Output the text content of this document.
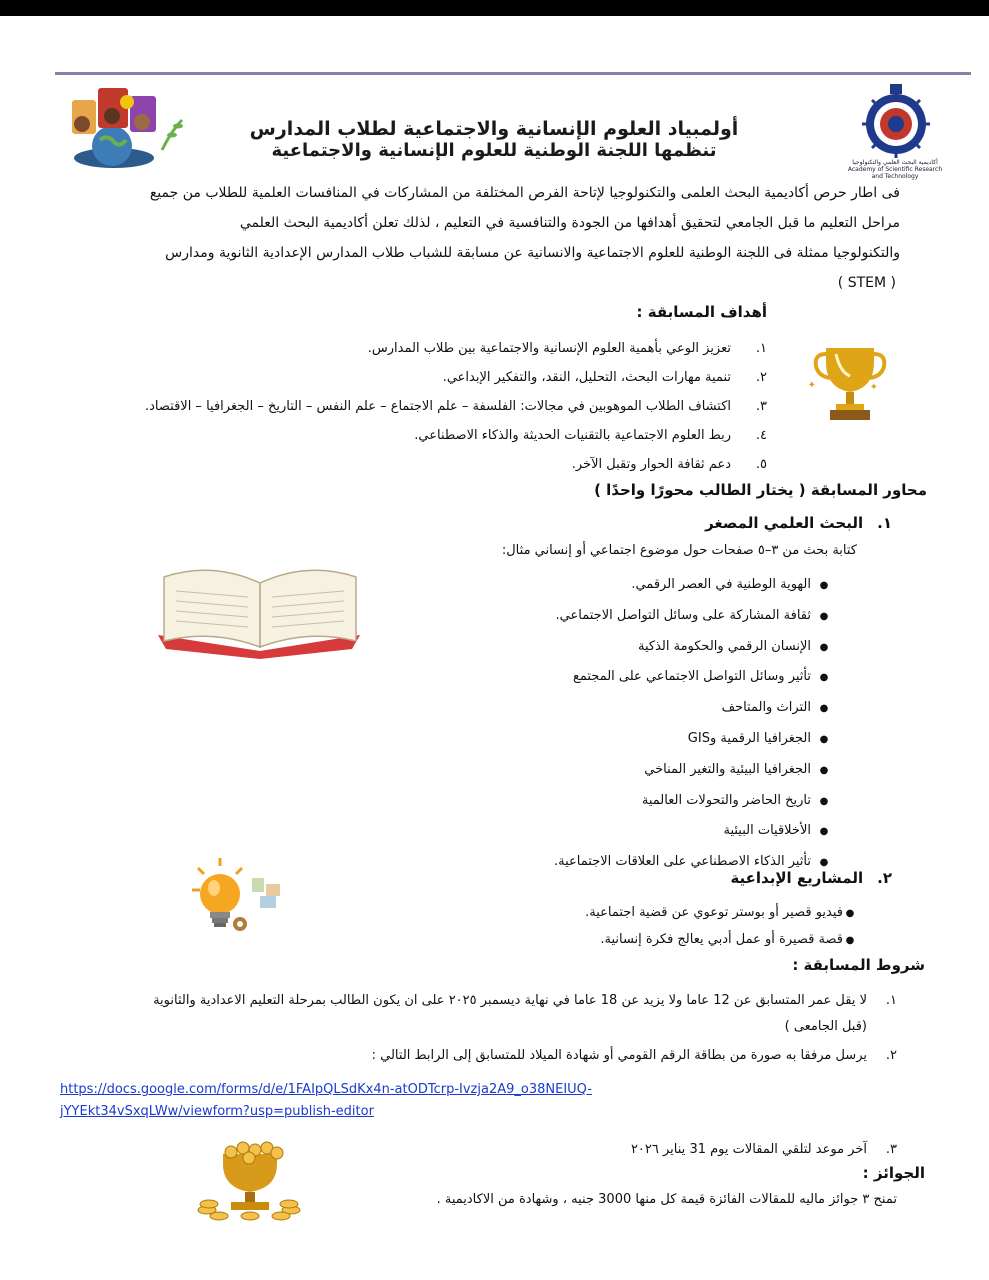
أولمبياد العلوم الإنسانية والاجتماعية لطلاب المدارس
تنظمها اللجنة الوطنية للعلوم الإنسانية والاجتماعية
أكاديمية البحث العلمي والتكنولوجيا
Academy of Scientific Research and Technology
فى اطار حرص أكاديمية البحث العلمى والتكنولوجيا لإتاحة الفرص المختلفة من المشاركات في المنافسات العلمية للطلاب من جميع
مراحل التعليم ما قبل الجامعي لتحقيق أهدافها من الجودة والتنافسية في التعليم ، لذلك تعلن أكاديمية البحث العلمي
والتكنولوجيا ممثلة فى اللجنة الوطنية للعلوم الاجتماعية والانسانية عن مسابقة للشباب طلاب المدارس الإعدادية الثانوية ومدارس
( STEM )
أهداف المسابقة :
١.
تعزيز الوعي بأهمية العلوم الإنسانية والاجتماعية بين طلاب المدارس.
٢.
تنمية مهارات البحث، التحليل، النقد، والتفكير الإبداعي.
٣.
اكتشاف الطلاب الموهوبين في مجالات: الفلسفة – علم الاجتماع – علم النفس – التاريخ – الجغرافيا – الاقتصاد.
٤.
ربط العلوم الاجتماعية بالتقنيات الحديثة والذكاء الاصطناعي.
٥.
دعم ثقافة الحوار وتقبل الآخر.
✦	✦
محاور المسابقة ( يختار الطالب محورًا واحدًا )
١.البحث العلمي المصغر
كتابة بحث من ٣–٥ صفحات حول موضوع اجتماعي أو إنساني مثال:
●
الهوية الوطنية في العصر الرقمي.
●
ثقافة المشاركة على وسائل التواصل الاجتماعي.
●
الإنسان الرقمي والحكومة الذكية
●
تأثير وسائل التواصل الاجتماعي على المجتمع
●
التراث والمتاحف
●
الجغرافيا الرقمية وGIS
●
الجغرافيا البيئية والتغير المناخي
●
تاريخ الحاضر والتحولات العالمية
●
الأخلاقيات البيئية
●
تأثير الذكاء الاصطناعي على العلاقات الاجتماعية.
٢.المشاريع الإبداعية
●
فيديو قصير أو بوستر توعوي عن قضية اجتماعية.
●
قصة قصيرة أو عمل أدبي يعالج فكرة إنسانية.
شروط المسابقة :
١.
لا يقل عمر المتسابق عن 12 عاما ولا يزيد عن 18 عاما في نهاية ديسمبر ٢٠٢٥ على ان يكون الطالب بمرحلة التعليم الاعدادية والثانوية
(قبل الجامعى )
٢.
يرسل مرفقا به صورة من بطاقة الرقم القومي أو شهادة الميلاد للمتسابق إلى الرابط التالي :
https://docs.google.com/forms/d/e/1FAIpQLSdKx4n-atODTcrp-Ivzja2A9_o38NEIUQ-
jYYEkt34vSxqLWw/viewform?usp=publish-editor
٣.
آخر موعد لتلقي المقالات يوم 31 يناير ٢٠٢٦
الجوائز :
تمنح ٣ جوائز ماليه للمقالات الفائزة قيمة كل منها 3000 جنيه ، وشهادة من الاكاديمية .
